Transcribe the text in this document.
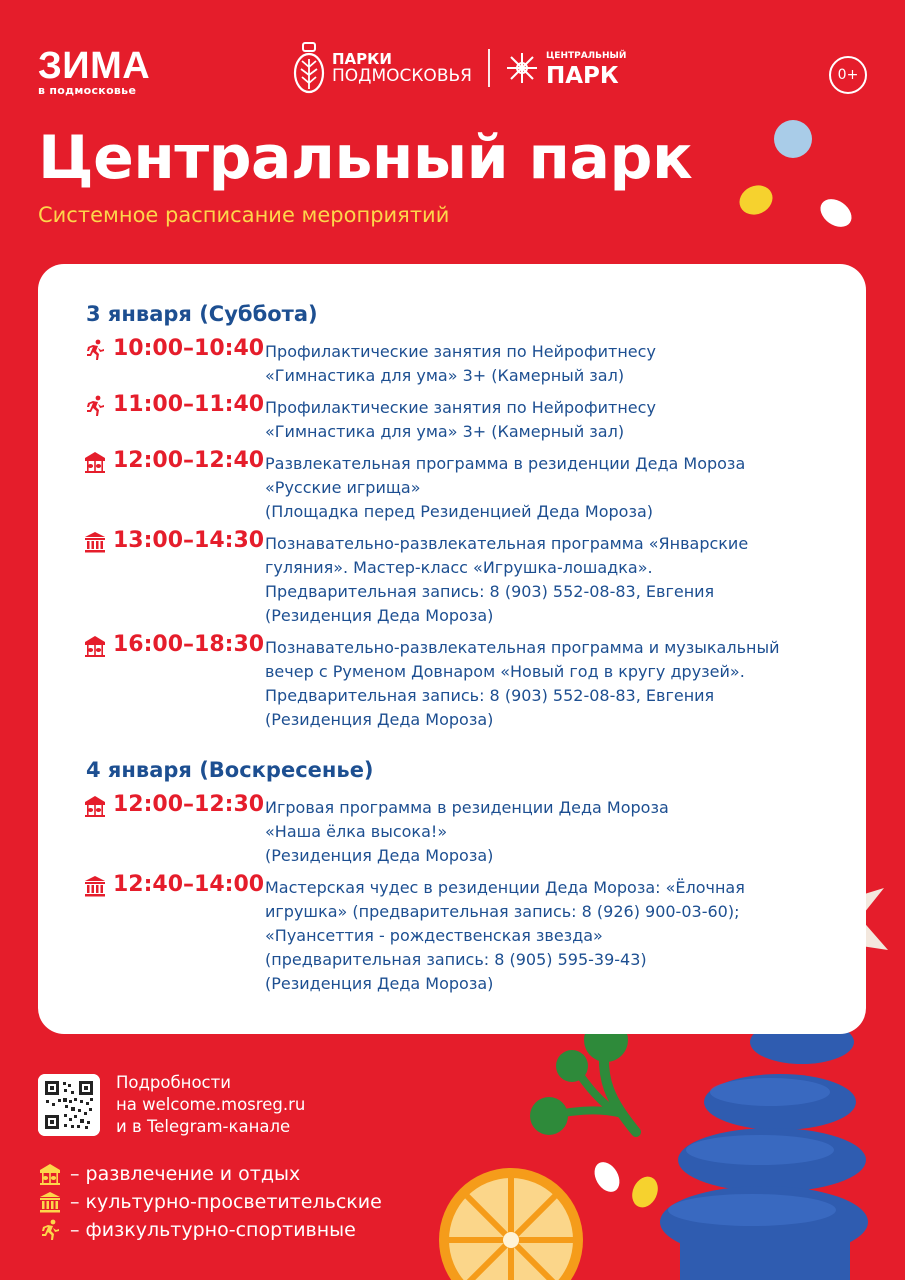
ЗИМА
в подмосковье
ПАРКИ
ПОДМОСКОВЬЯ
ЦЕНТРАЛЬНЫЙ
ПАРК	0+
Центральный парк
Системное расписание мероприятий
3 января (Суббота)
10:00–10:40 Профилактические занятия по Нейрофитнесу
«Гимнастика для ума» 3+ (Камерный зал)
11:00–11:40 Профилактические занятия по Нейрофитнесу
«Гимнастика для ума» 3+ (Камерный зал)
12:00–12:40 Развлекательная программа в резиденции Деда Мороза
«Русские игрища»
(Площадка перед Резиденцией Деда Мороза)
13:00–14:30 Познавательно-развлекательная программа «Январские
гуляния». Мастер-класс «Игрушка-лошадка».
Предварительная запись: 8 (903) 552-08-83, Евгения
(Резиденция Деда Мороза)
16:00–18:30 Познавательно-развлекательная программа и музыкальный
вечер с Руменом Довнаром «Новый год в кругу друзей».
Предварительная запись: 8 (903) 552-08-83, Евгения
(Резиденция Деда Мороза)
4 января (Воскресенье)
12:00–12:30 Игровая программа в резиденции Деда Мороза
«Наша ёлка высока!»
(Резиденция Деда Мороза)
12:40–14:00 Мастерская чудес в резиденции Деда Мороза: «Ёлочная
игрушка» (предварительная запись: 8 (926) 900-03-60);
«Пуансеттия - рождественская звезда»
(предварительная запись: 8 (905) 595-39-43)
(Резиденция Деда Мороза)
Подробности
на welcome.mosreg.ru
и в Telegram-канале
– развлечение и отдых
– культурно-просветительские
– физкультурно-спортивные
